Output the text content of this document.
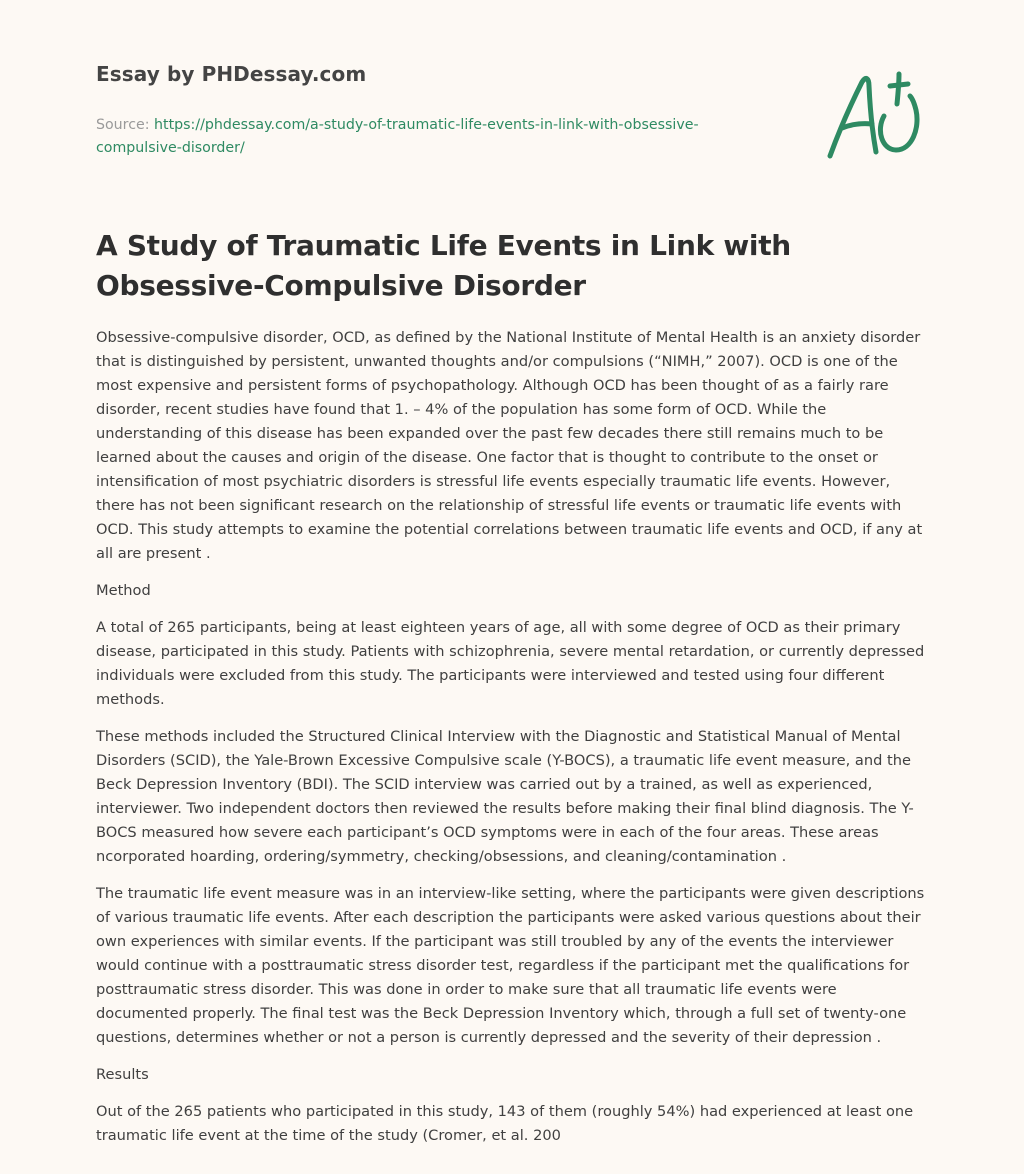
Essay by PHDessay.com

Source: https://phdessay.com/a-study-of-traumatic-life-events-in-link-with-obsessive-compulsive-disorder/
A Study of Traumatic Life Events in Link with Obsessive-Compulsive Disorder

Obsessive-compulsive disorder, OCD, as defined by the National Institute of Mental Health is an anxiety disorder that is distinguished by persistent, unwanted thoughts and/or compulsions (“NIMH,” 2007). OCD is one of the most expensive and persistent forms of psychopathology. Although OCD has been thought of as a fairly rare disorder, recent studies have found that 1. – 4% of the population has some form of OCD. While the understanding of this disease has been expanded over the past few decades there still remains much to be learned about the causes and origin of the disease. One factor that is thought to contribute to the onset or intensification of most psychiatric disorders is stressful life events especially traumatic life events. However, there has not been significant research on the relationship of stressful life events or traumatic life events with OCD. This study attempts to examine the potential correlations between traumatic life events and OCD, if any at all are present .

Method

A total of 265 participants, being at least eighteen years of age, all with some degree of OCD as their primary disease, participated in this study. Patients with schizophrenia, severe mental retardation, or currently depressed individuals were excluded from this study. The participants were interviewed and tested using four different methods.

These methods included the Structured Clinical Interview with the Diagnostic and Statistical Manual of Mental Disorders (SCID), the Yale-Brown Excessive Compulsive scale (Y-BOCS), a traumatic life event measure, and the Beck Depression Inventory (BDI). The SCID interview was carried out by a trained, as well as experienced, interviewer. Two independent doctors then reviewed the results before making their final blind diagnosis. The Y-BOCS measured how severe each participant’s OCD symptoms were in each of the four areas. These areas ncorporated hoarding, ordering/symmetry, checking/obsessions, and cleaning/contamination .

The traumatic life event measure was in an interview-like setting, where the participants were given descriptions of various traumatic life events. After each description the participants were asked various questions about their own experiences with similar events. If the participant was still troubled by any of the events the interviewer would continue with a posttraumatic stress disorder test, regardless if the participant met the qualifications for posttraumatic stress disorder. This was done in order to make sure that all traumatic life events were documented properly. The final test was the Beck Depression Inventory which, through a full set of twenty-one questions, determines whether or not a person is currently depressed and the severity of their depression .

Results

Out of the 265 patients who participated in this study, 143 of them (roughly 54%) had experienced at least one traumatic life event at the time of the study (Cromer, et al. 200
